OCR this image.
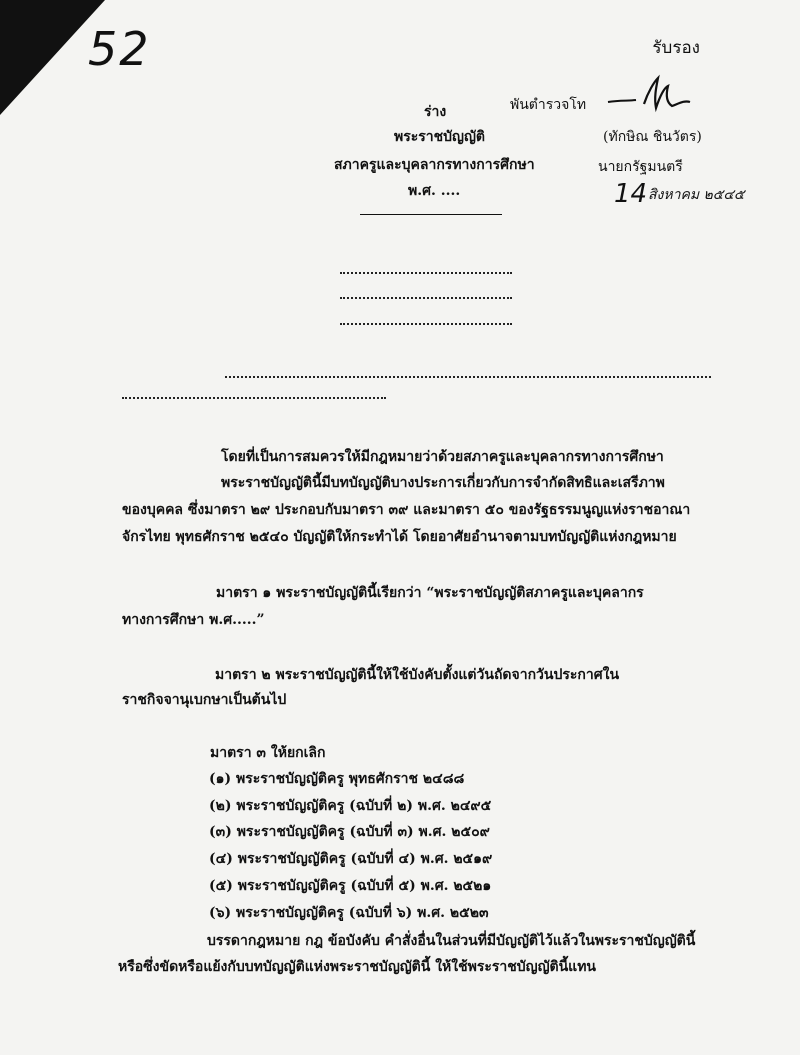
52	รับรอง
พันตำรวจโท
(ทักษิณ ชินวัตร)
นายกรัฐมนตรี
14 สิงหาคม ๒๕๔๕
ร่าง
พระราชบัญญัติ
สภาครูและบุคลากรทางการศึกษา
พ.ศ. ....
โดยที่เป็นการสมควรให้มีกฎหมายว่าด้วยสภาครูและบุคลากรทางการศึกษา
พระราชบัญญัตินี้มีบทบัญญัติบางประการเกี่ยวกับการจำกัดสิทธิและเสรีภาพ
ของบุคคล ซึ่งมาตรา ๒๙ ประกอบกับมาตรา ๓๙ และมาตรา ๕๐ ของรัฐธรรมนูญแห่งราชอาณา
จักรไทย พุทธศักราช ๒๕๔๐ บัญญัติให้กระทำได้ โดยอาศัยอำนาจตามบทบัญญัติแห่งกฎหมาย
มาตรา ๑ พระราชบัญญัตินี้เรียกว่า “พระราชบัญญัติสภาครูและบุคลากร
ทางการศึกษา พ.ศ.....”
มาตรา ๒ พระราชบัญญัตินี้ให้ใช้บังคับตั้งแต่วันถัดจากวันประกาศใน
ราชกิจจานุเบกษาเป็นต้นไป
มาตรา ๓ ให้ยกเลิก
(๑) พระราชบัญญัติครู พุทธศักราช ๒๔๘๘
(๒) พระราชบัญญัติครู (ฉบับที่ ๒) พ.ศ. ๒๔๙๕
(๓) พระราชบัญญัติครู (ฉบับที่ ๓) พ.ศ. ๒๕๐๙
(๔) พระราชบัญญัติครู (ฉบับที่ ๔) พ.ศ. ๒๕๑๙
(๕) พระราชบัญญัติครู (ฉบับที่ ๕) พ.ศ. ๒๕๒๑
(๖) พระราชบัญญัติครู (ฉบับที่ ๖) พ.ศ. ๒๕๒๓
บรรดากฎหมาย กฎ ข้อบังคับ คำสั่งอื่นในส่วนที่มีบัญญัติไว้แล้วในพระราชบัญญัตินี้
หรือซึ่งขัดหรือแย้งกับบทบัญญัติแห่งพระราชบัญญัตินี้ ให้ใช้พระราชบัญญัตินี้แทน
